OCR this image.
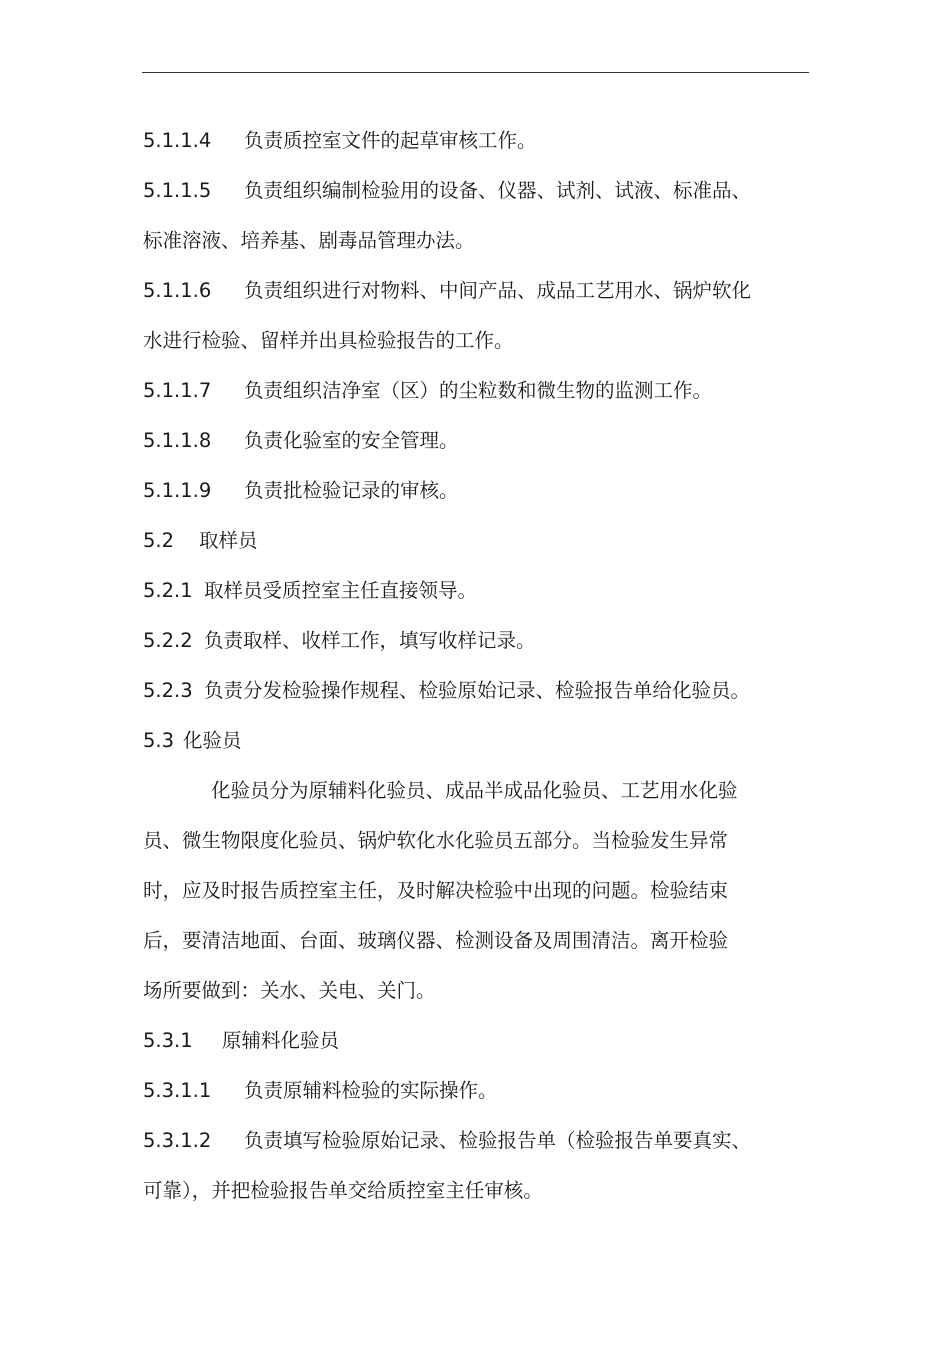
5.1.1.4 负责质控室文件的起草审核工作。
5.1.1.5 负责组织编制检验用的设备、仪器、试剂、试液、标准品、
标准溶液、培养基、剧毒品管理办法。
5.1.1.6 负责组织进行对物料、中间产品、成品工艺用水、锅炉软化
水进行检验、留样并出具检验报告的工作。
5.1.1.7 负责组织洁净室（区）的尘粒数和微生物的监测工作。
5.1.1.8 负责化验室的安全管理。
5.1.1.9 负责批检验记录的审核。
5.2 取样员
5.2.1 取样员受质控室主任直接领导。
5.2.2 负责取样、收样工作，填写收样记录。
5.2.3 负责分发检验操作规程、检验原始记录、检验报告单给化验员。
5.3 化验员
化验员分为原辅料化验员、成品半成品化验员、工艺用水化验
员、微生物限度化验员、锅炉软化水化验员五部分。当检验发生异常
时，应及时报告质控室主任，及时解决检验中出现的问题。检验结束
后，要清洁地面、台面、玻璃仪器、检测设备及周围清洁。离开检验
场所要做到：关水、关电、关门。
5.3.1 原辅料化验员
5.3.1.1 负责原辅料检验的实际操作。
5.3.1.2 负责填写检验原始记录、检验报告单（检验报告单要真实、
可靠），并把检验报告单交给质控室主任审核。
